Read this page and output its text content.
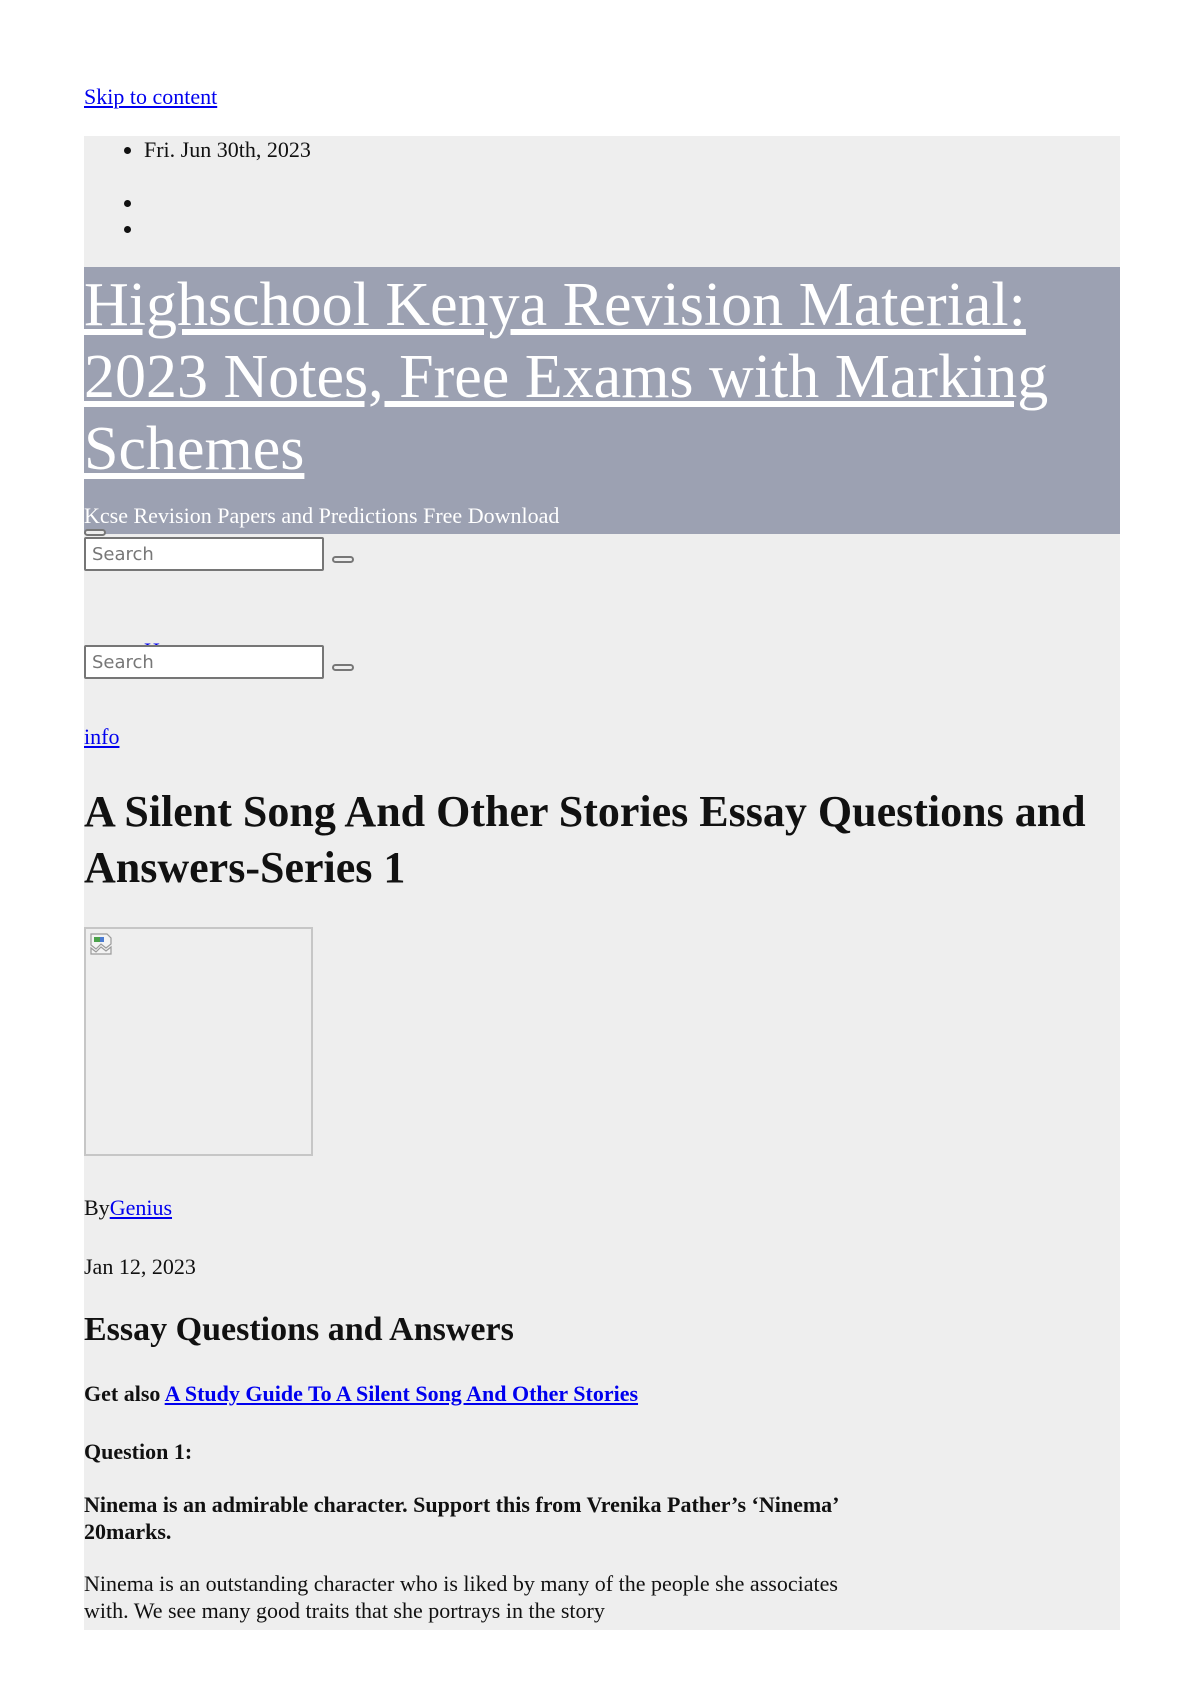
Skip to content
• Fri. Jun 30th, 2023
Highschool Kenya Revision Material: 2023 Notes, Free Exams with Marking Schemes
Kcse Revision Papers and Predictions Free Download
Search
•
Search
info
A Silent Song And Other Stories Essay Questions and Answers-Series 1
ByGenius
Jan 12, 2023
Essay Questions and Answers
Get also A Study Guide To A Silent Song And Other Stories
Question 1:
Ninema is an admirable character. Support this from Vrenika Pather’s ‘Ninema’ 20marks.
Ninema is an outstanding character who is liked by many of the people she associates with. We see many good traits that she portrays in the story
